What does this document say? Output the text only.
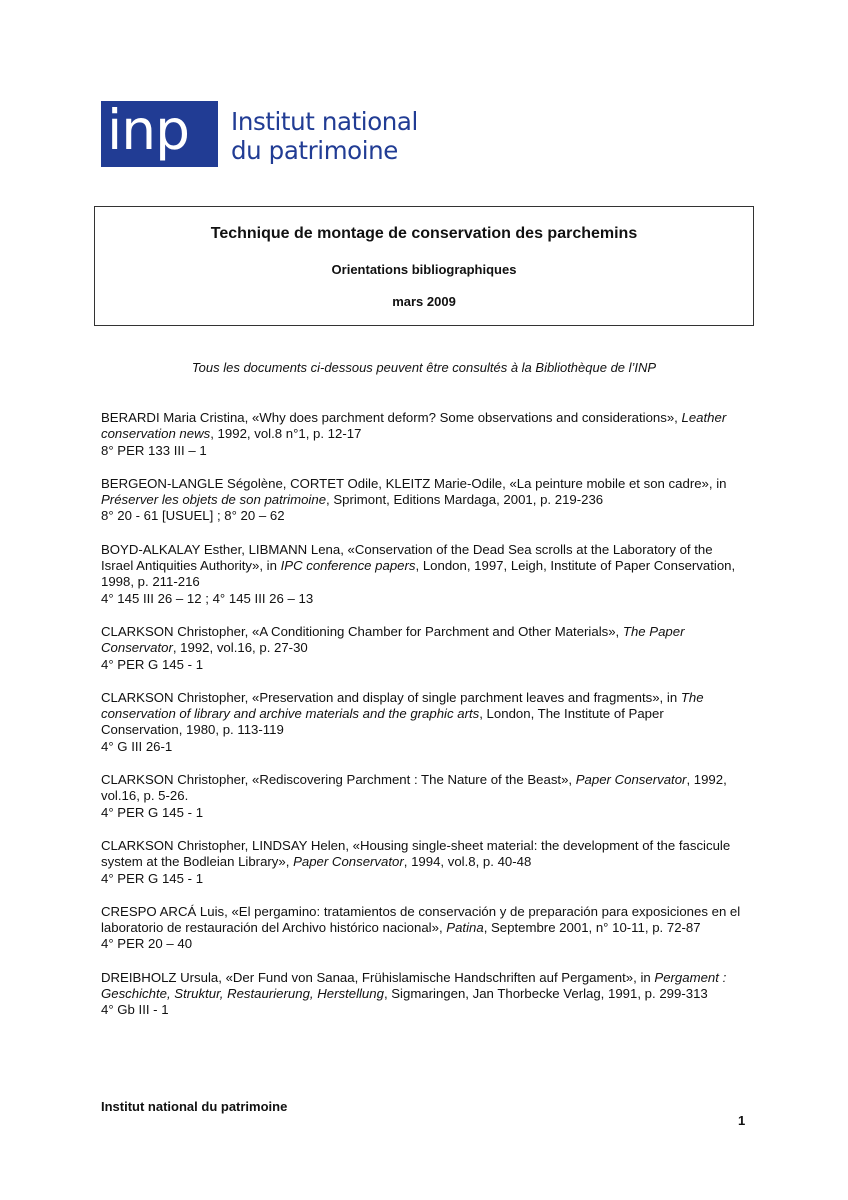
inp	Institut national
du patrimoine
Technique de montage de conservation des parchemins
Orientations bibliographiques
mars 2009
Tous les documents ci-dessous peuvent être consultés à la Bibliothèque de l’INP
BERARDI Maria Cristina, «Why does parchment deform? Some observations and considerations», Leather conservation news, 1992, vol.8 n°1, p. 12-17
8° PER 133 III – 1
BERGEON-LANGLE Ségolène, CORTET Odile, KLEITZ Marie-Odile, «La peinture mobile et son cadre», in Préserver les objets de son patrimoine, Sprimont, Editions Mardaga, 2001, p. 219-236
8° 20 - 61 [USUEL] ; 8° 20 – 62
BOYD-ALKALAY Esther, LIBMANN Lena, «Conservation of the Dead Sea scrolls at the Laboratory of the Israel Antiquities Authority», in IPC conference papers, London, 1997, Leigh, Institute of Paper Conservation, 1998, p. 211-216
4° 145 III 26 – 12 ; 4° 145 III 26 – 13
CLARKSON Christopher, «A Conditioning Chamber for Parchment and Other Materials», The Paper Conservator, 1992, vol.16, p. 27-30
4° PER G 145 - 1
CLARKSON Christopher, «Preservation and display of single parchment leaves and fragments», in The conservation of library and archive materials and the graphic arts, London, The Institute of Paper Conservation, 1980, p. 113-119
4° G III 26-1
CLARKSON Christopher, «Rediscovering Parchment : The Nature of the Beast», Paper Conservator, 1992, vol.16, p. 5-26.
4° PER G 145 - 1
CLARKSON Christopher, LINDSAY Helen, «Housing single-sheet material: the development of the fascicule system at the Bodleian Library», Paper Conservator, 1994, vol.8, p. 40-48
4° PER G 145 - 1
CRESPO ARCÁ Luis, «El pergamino: tratamientos de conservación y de preparación para exposiciones en el laboratorio de restauración del Archivo histórico nacional», Patina, Septembre 2001, n° 10-11, p. 72-87
4° PER 20 – 40
DREIBHOLZ Ursula, «Der Fund von Sanaa, Frühislamische Handschriften auf Pergament», in Pergament : Geschichte, Struktur, Restaurierung, Herstellung, Sigmaringen, Jan Thorbecke Verlag, 1991, p. 299-313
4° Gb III - 1
Institut national du patrimoine
1
